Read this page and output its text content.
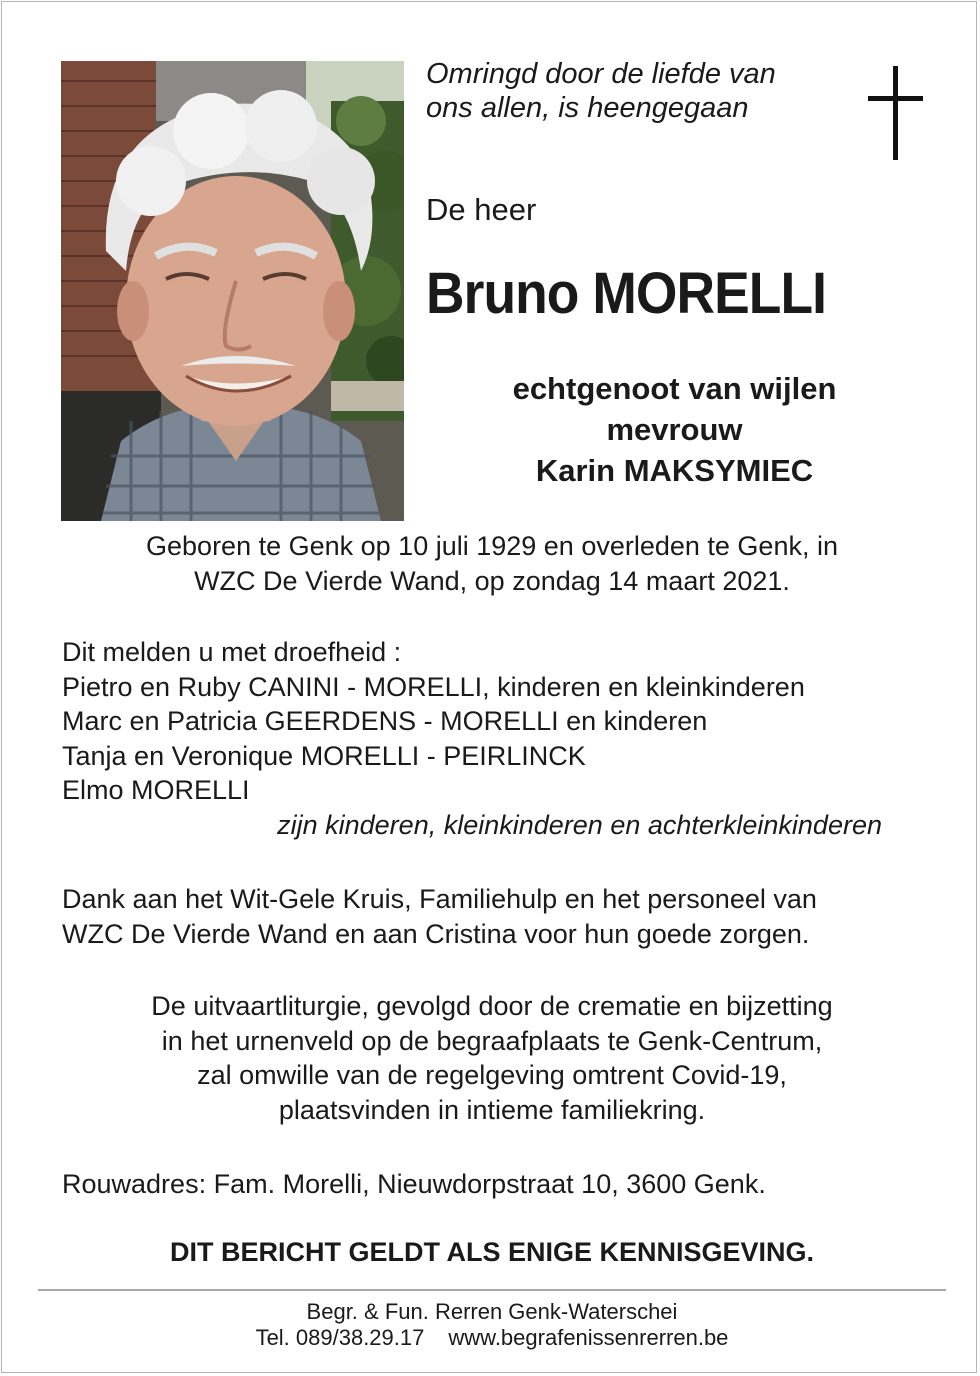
Omringd door de liefde van
ons allen, is heengegaan
De heer
Bruno MORELLI
echtgenoot van wijlen
mevrouw
Karin MAKSYMIEC
Geboren te Genk op 10 juli 1929 en overleden te Genk, in
WZC De Vierde Wand, op zondag 14 maart 2021.
Dit melden u met droefheid :
Pietro en Ruby CANINI - MORELLI, kinderen en kleinkinderen
Marc en Patricia GEERDENS - MORELLI en kinderen
Tanja en Veronique MORELLI - PEIRLINCK
Elmo MORELLI
zijn kinderen, kleinkinderen en achterkleinkinderen
Dank aan het Wit-Gele Kruis, Familiehulp en het personeel van
WZC De Vierde Wand en aan Cristina voor hun goede zorgen.
De uitvaartliturgie, gevolgd door de crematie en bijzetting
in het urnenveld op de begraafplaats te Genk-Centrum,
zal omwille van de regelgeving omtrent Covid-19,
plaatsvinden in intieme familiekring.
Rouwadres: Fam. Morelli, Nieuwdorpstraat 10, 3600 Genk.
DIT BERICHT GELDT ALS ENIGE KENNISGEVING.
Begr. & Fun. Rerren Genk-Waterschei
Tel. 089/38.29.17 www.begrafenissenrerren.be
